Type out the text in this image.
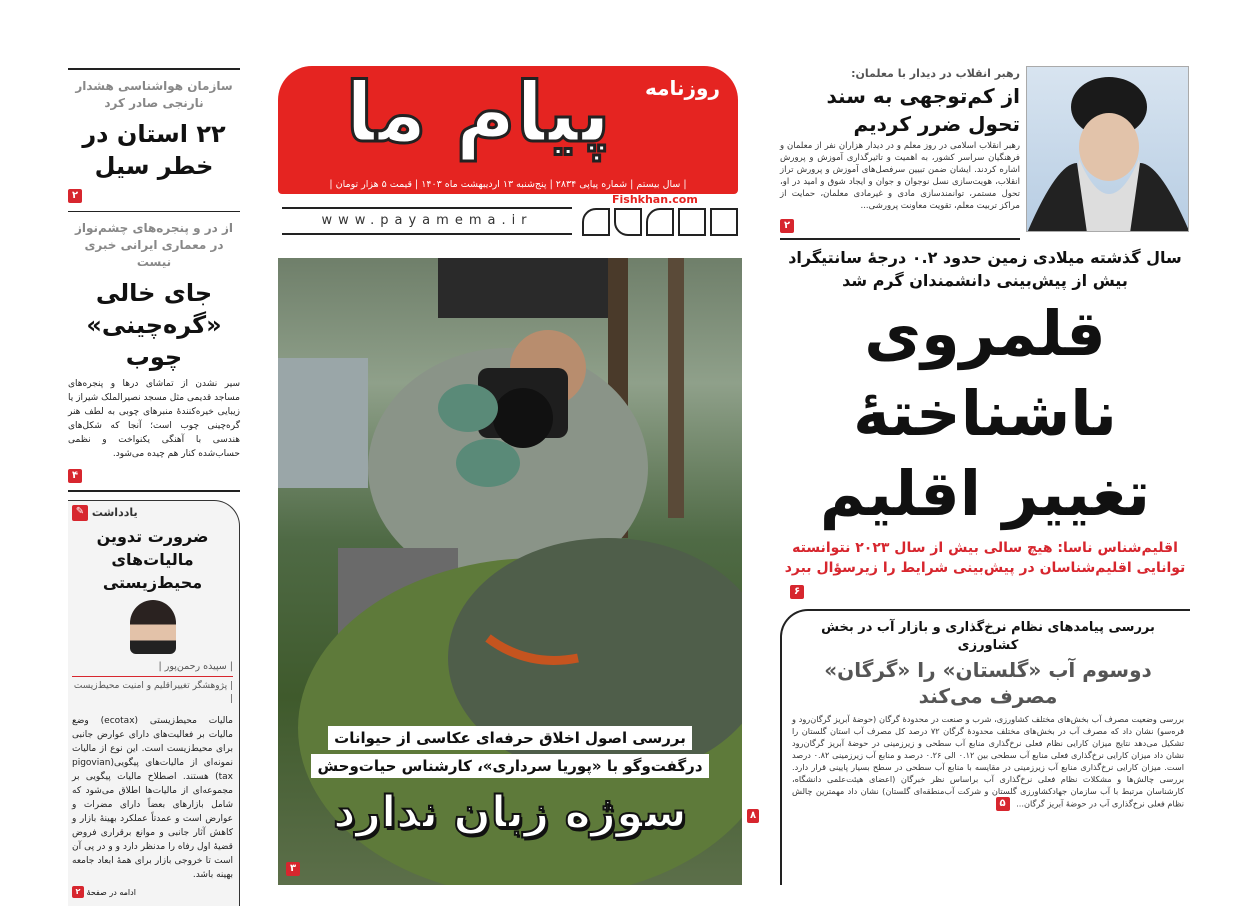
سازمان هواشناسی هشدار نارنجی صادر کرد
۲۲ استان در خطر سیل
۲
از در و پنجره‌های چشم‌نواز در معماری ایرانی خبری نیست
جای خالی «گره‌چینی» چوب
سیر نشدن از تماشای درها و پنجره‌های مساجد قدیمی مثل مسجد نصیرالملک شیراز یا زیبایی خیره‌کنندهٔ منبرهای چوبی به لطف هنر گره‌چینی چوب است؛ آنجا که شکل‌های هندسی با آهنگی یکنواخت و نظمی حساب‌شده کنار هم چیده می‌شود.
۴
✎ یادداشت
ضرورت تدوین مالیات‌های محیط‌زیستی
| سپیده رحمن‌پور |
| پژوهشگر تغییراقلیم و امنیت محیط‌زیست |
مالیات محیط‌زیستی (ecotax) وضع مالیات بر فعالیت‌های دارای عوارض جانبی برای محیط‌زیست است. این نوع از مالیات نمونه‌ای از مالیات‌های پیگویی(pigovian tax) هستند. اصطلاح مالیات پیگویی بر مجموعه‌ای از مالیات‌ها اطلاق می‌شود که شامل بازارهای بعضاً دارای مضرات و عوارض است و عمدتاً عملکرد بهینهٔ بازار و کاهش آثار جانبی و موانع برقراری فروض قضیهٔ اول رفاه را مدنظر دارد و و در پی آن است تا خروجی بازار برای همهٔ ابعاد جامعه بهینه باشد.
ادامه در صفحهٔ ۲
پیام ما	روزنامه
| سال بیستم | شماره پیاپی ۲۸۳۴ | پنج‌شنبه ۱۳ اردیبهشت ماه ۱۴۰۳ | قیمت ۵ هزار تومان |
Fishkhan.com
www.payamema.ir
بررسی اصول اخلاق حرفه‌ای عکاسی از حیوانات
درگفت‌وگو با «پوریا سرداری»، کارشناس حیات‌وحش
سوژه زبان ندارد
۳
۸
رهبر انقلاب در دیدار با معلمان:
از کم‌توجهی به سند تحول ضرر کردیم
رهبر انقلاب اسلامی در روز معلم و در دیدار هزاران نفر از معلمان و فرهنگیان سراسر کشور، به اهمیت و تاثیرگذاری آموزش و پرورش اشاره کردند. ایشان ضمن تبیین سرفصل‌های آموزش و پرورش تراز انقلاب، هویت‌سازی نسل نوجوان و جوان و ایجاد شوق و امید در او، تحول مستمر، توانمندسازی مادی و غیرمادی معلمان، حمایت از مراکز تربیت معلم، تقویت معاونت پرورشی...
۲
سال گذشته میلادی زمین حدود ۰.۲ درجهٔ سانتیگراد بیش از پیش‌بینی دانشمندان گرم شد
قلمروی ناشناختهٔ تغییر اقلیم
اقلیم‌شناس ناسا: هیچ سالی بیش از سال ۲۰۲۳ نتوانسته توانایی اقلیم‌شناسان در پیش‌بینی شرایط را زیرسؤال ببرد
۶
بررسی پیامدهای نظام نرخ‌گذاری و بازار آب در بخش کشاورزی
دوسوم آب «گلستان» را «گرگان» مصرف می‌کند
بررسی وضعیت مصرف آب بخش‌های مختلف کشاورزی، شرب و صنعت در محدودهٔ گرگان (حوضهٔ آبریز گرگان‌رود و قره‌سو) نشان داد که مصرف آب در بخش‌های مختلف محدودهٔ گرگان ۷۲ درصد کل مصرف آب استان گلستان را تشکیل می‌دهد نتایج میزان کارایی نظام فعلی نرخ‌گذاری منابع آب سطحی و زیرزمینی در حوضهٔ آبریز گرگان‌رود نشان داد میزان کارایی نرخ‌گذاری فعلی منابع آب سطحی بین ۰.۱۲ الی ۰.۲۶ درصد و منابع آب زیرزمینی ۰.۸۲ درصد است. میزان کارایی نرخ‌گذاری منابع آب زیرزمینی در مقایسه با منابع آب سطحی در سطح بسیار پایینی قرار دارد. بررسی چالش‌ها و مشکلات نظام فعلی نرخ‌گذاری آب براساس نظر خبرگان (اعضای هیئت‌علمی دانشگاه، کارشناسان مرتبط با آب سازمان جهادکشاورزی گلستان و شرکت آب‌منطقه‌ای گلستان) نشان داد مهمترین چالش نظام فعلی نرخ‌گذاری آب در حوضهٔ آبریز گرگان... ۵
